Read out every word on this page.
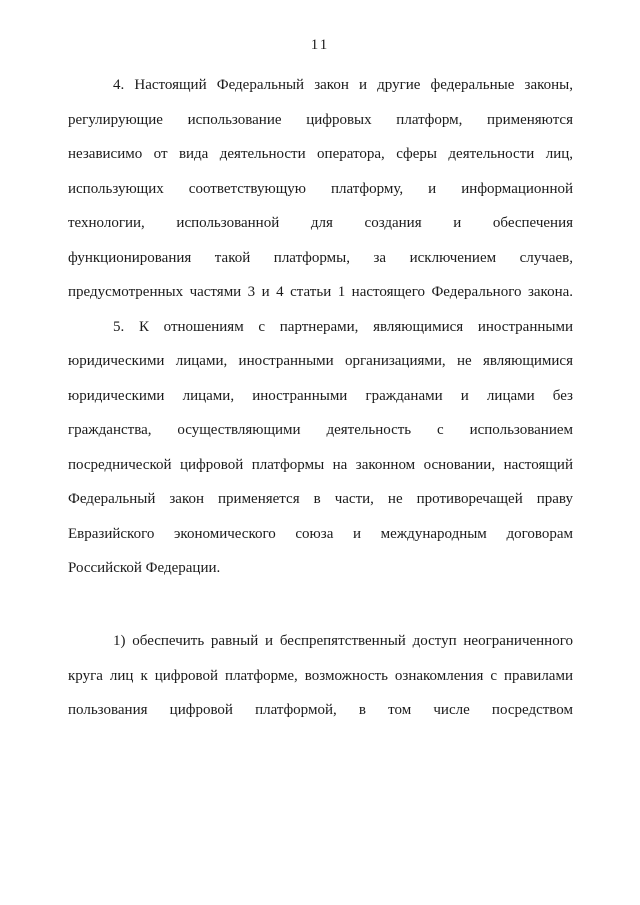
11
4. Настоящий Федеральный закон и другие федеральные законы,
регулирующие использование цифровых платформ, применяются
независимо от вида деятельности оператора, сферы деятельности лиц,
использующих соответствующую платформу, и информационной
технологии, использованной для создания и обеспечения
функционирования такой платформы, за исключением случаев,
предусмотренных частями 3 и 4 статьи 1 настоящего Федерального закона.
5. К отношениям с партнерами, являющимися иностранными
юридическими лицами, иностранными организациями, не являющимися
юридическими лицами, иностранными гражданами и лицами без
гражданства, осуществляющими деятельность с использованием
посреднической цифровой платформы на законном основании, настоящий
Федеральный закон применяется в части, не противоречащей праву
Евразийского экономического союза и международным договорам
Российской Федерации.
1) обеспечить равный и беспрепятственный доступ неограниченного
круга лиц к цифровой платформе, возможность ознакомления с правилами
пользования цифровой платформой, в том числе посредством
